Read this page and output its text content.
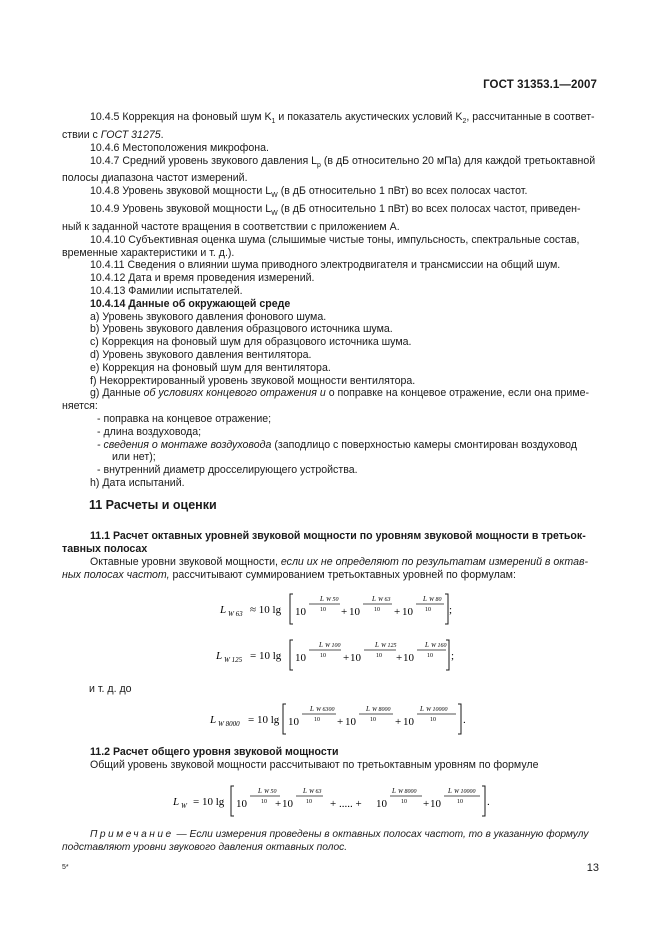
ГОСТ 31353.1—2007

10.4.5 Коррекция на фоновый шум $K_1$ и показатель акустических условий $K_2$, рассчитанные в соответ-

ствии с ГОСТ 31275.

10.4.6 Местоположения микрофона.

10.4.7 Средний уровень звукового давления $L_p$ (в дБ относительно 20 мПа) для каждой третьоктавной

полосы диапазона частот измерений.

10.4.8 Уровень звуковой мощности $L_W$ (в дБ относительно 1 пВт) во всех полосах частот.

10.4.9 Уровень звуковой мощности $L_W$ (в дБ относительно 1 пВт) во всех полосах частот, приведен-

ный к заданной частоте вращения в соответствии с приложением А.

10.4.10 Субъективная оценка шума (слышимые чистые тоны, импульсность, спектральные состав,

временные характеристики и т. д.).

10.4.11 Сведения о влиянии шума приводного электродвигателя и трансмиссии на общий шум.

10.4.12 Дата и время проведения измерений.

10.4.13 Фамилии испытателей.

10.4.14 Данные об окружающей среде

a) Уровень звукового давления фонового шума.

b) Уровень звукового давления образцового источника шума.

c) Коррекция на фоновый шум для образцового источника шума.

d) Уровень звукового давления вентилятора.

e) Коррекция на фоновый шум для вентилятора.

f) Некорректированный уровень звуковой мощности вентилятора.

g) Данные об условиях концевого отражения и о поправке на концевое отражение, если она приме-

няется:

- поправка на концевое отражение;

- длина воздуховода;

- сведения о монтаже воздуховода (заподлицо с поверхностью камеры смонтирован воздуховод

или нет);

- внутренний диаметр дросселирующего устройства.

h) Дата испытаний.

11 Расчеты и оценки

11.1 Расчет октавных уровней звуковой мощности по уровням звуковой мощности в третьок-

тавных полосах

Октавные уровни звуковой мощности, если их не определяют по результатам измерений в октав-

ных полосах частот, рассчитывают суммированием третьоктавных уровней по формулам:

L W 63 ≈ 10 lg 10
L W 50
10 + 10
L W 63
10 + 10
L W 80
10 ;
L W 125 = 10 lg 10
L W 100
10 + 10
L W 125
10 + 10
L W 160
10 ;
и т. д. до
L W 8000 = 10 lg 10
L W 6300
10 + 10
L W 8000
10 + 10
L W 10000
10 .

11.2 Расчет общего уровня звуковой мощности

Общий уровень звуковой мощности рассчитывают по третьоктавным уровням по формуле

L W = 10 lg 10
L W 50
10 + 10
L W 63
10 + ..... + 10
L W 8000
10 + 10
L W 10000
10 .

Примечание — Если измерения проведены в октавных полосах частот, то в указанную формулу

подставляют уровни звукового давления октавных полос.

5*	13
